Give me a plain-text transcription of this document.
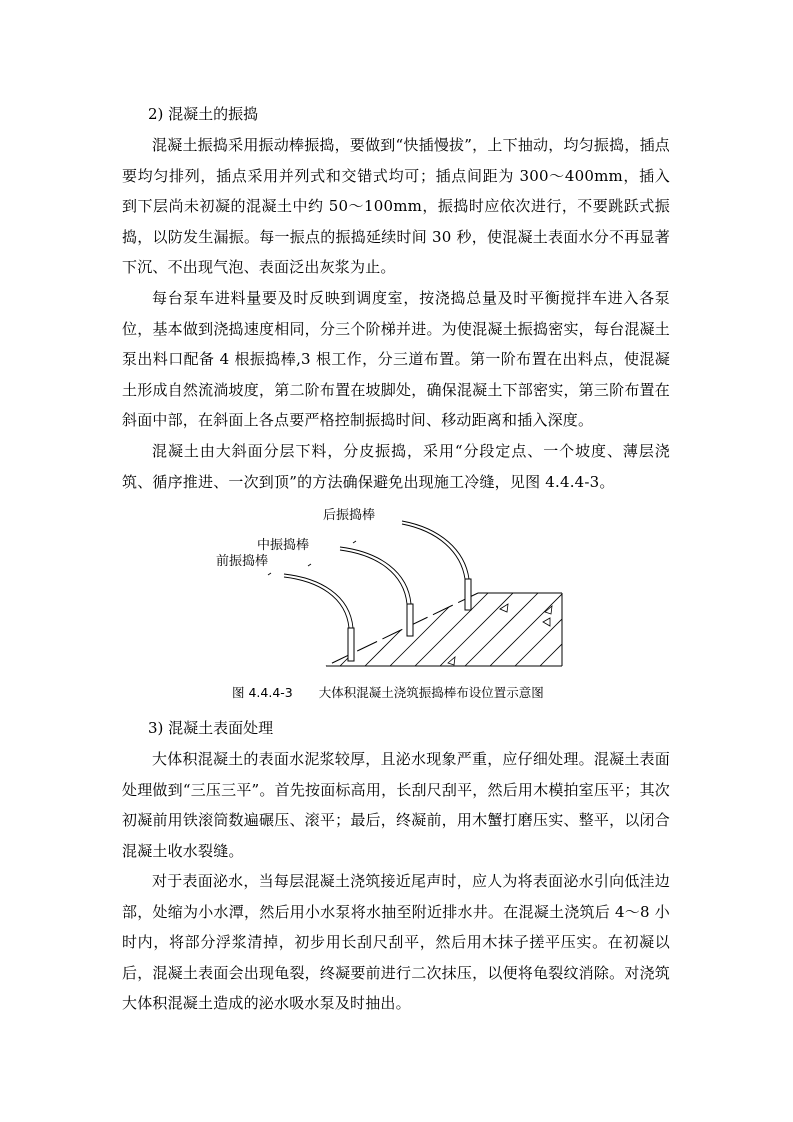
2) 混凝土的振捣

混凝土振捣采用振动棒振捣，要做到“快插慢拔”，上下抽动，均匀振捣，插点要均匀排列，插点采用并列式和交错式均可；插点间距为 300～400mm，插入到下层尚未初凝的混凝土中约 50～100mm，振捣时应依次进行，不要跳跃式振捣，以防发生漏振。每一振点的振捣延续时间 30 秒，使混凝土表面水分不再显著下沉、不出现气泡、表面泛出灰浆为止。

每台泵车进料量要及时反映到调度室，按浇捣总量及时平衡搅拌车进入各泵位，基本做到浇捣速度相同，分三个阶梯并进。为使混凝土振捣密实，每台混凝土泵出料口配备 4 根振捣棒,3 根工作，分三道布置。第一阶布置在出料点，使混凝土形成自然流淌坡度，第二阶布置在坡脚处，确保混凝土下部密实，第三阶布置在斜面中部，在斜面上各点要严格控制振捣时间、移动距离和插入深度。

混凝土由大斜面分层下料，分皮振捣，采用“分段定点、一个坡度、薄层浇筑、循序推进、一次到顶”的方法确保避免出现施工冷缝，见图 4.4.4-3。

后振捣棒
中振捣棒
前振捣棒
图 4.4.4-3 大体积混凝土浇筑振捣棒布设位置示意图
3) 混凝土表面处理

大体积混凝土的表面水泥浆较厚，且泌水现象严重，应仔细处理。混凝土表面处理做到“三压三平”。首先按面标高用，长刮尺刮平，然后用木模拍室压平；其次初凝前用铁滚筒数遍碾压、滚平；最后，终凝前，用木蟹打磨压实、整平，以闭合混凝土收水裂缝。

对于表面泌水，当每层混凝土浇筑接近尾声时，应人为将表面泌水引向低洼边部，处缩为小水潭，然后用小水泵将水抽至附近排水井。在混凝土浇筑后 4～8 小时内，将部分浮浆清掉，初步用长刮尺刮平，然后用木抹子搓平压实。在初凝以后，混凝土表面会出现龟裂，终凝要前进行二次抹压，以便将龟裂纹消除。对浇筑大体积混凝土造成的泌水吸水泵及时抽出。
